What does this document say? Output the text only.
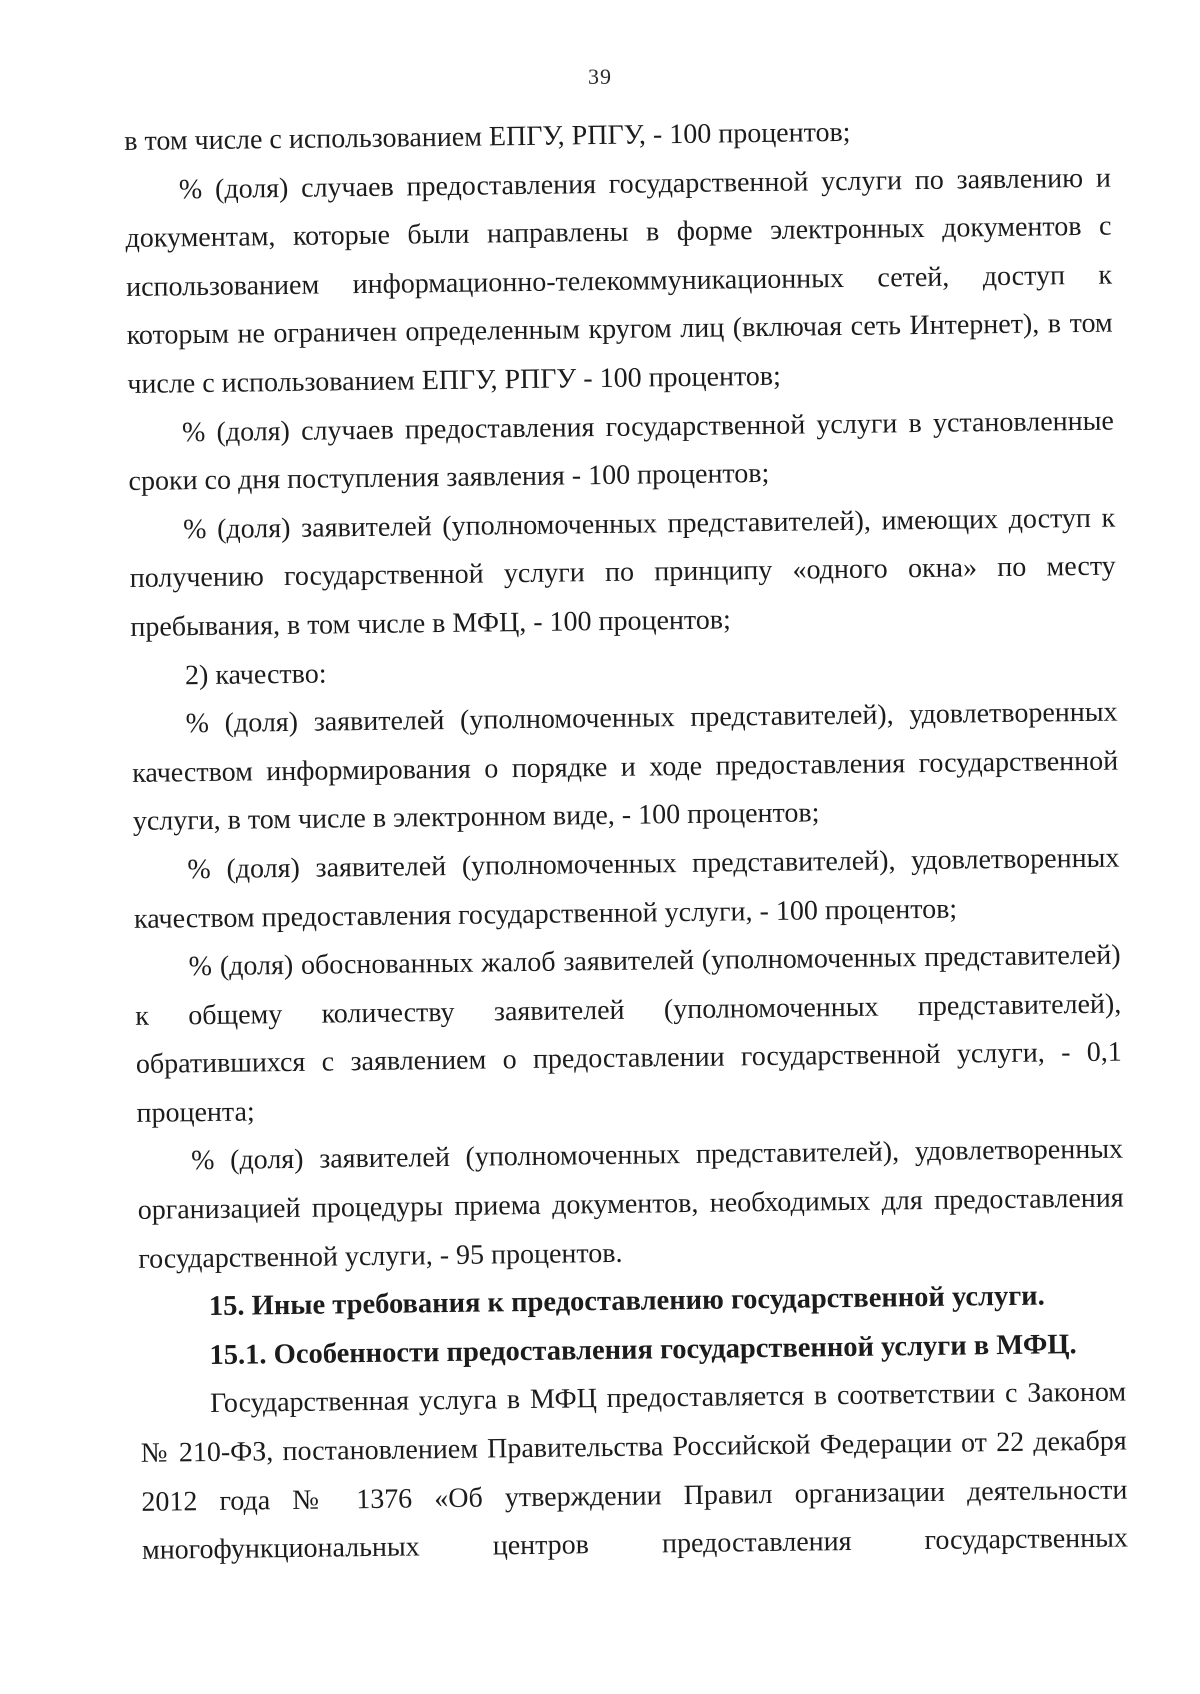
39

в том числе с использованием ЕПГУ, РПГУ, - 100 процентов;

% (доля) случаев предоставления государственной услуги по заявлению и документам, которые были направлены в форме электронных документов с использованием информационно-телекоммуникационных сетей, доступ к которым не ограничен определенным кругом лиц (включая сеть Интернет), в том числе с использованием ЕПГУ, РПГУ - 100 процентов;

% (доля) случаев предоставления государственной услуги в установленные сроки со дня поступления заявления - 100 процентов;

% (доля) заявителей (уполномоченных представителей), имеющих доступ к получению государственной услуги по принципу «одного окна» по месту пребывания, в том числе в МФЦ, - 100 процентов;

2) качество:

% (доля) заявителей (уполномоченных представителей), удовлетворенных качеством информирования о порядке и ходе предоставления государственной услуги, в том числе в электронном виде, - 100 процентов;

% (доля) заявителей (уполномоченных представителей), удовлетворенных качеством предоставления государственной услуги, - 100 процентов;

% (доля) обоснованных жалоб заявителей (уполномоченных представителей) к общему количеству заявителей (уполномоченных представителей), обратившихся с заявлением о предоставлении государственной услуги, - 0,1 процента;

% (доля) заявителей (уполномоченных представителей), удовлетворенных организацией процедуры приема документов, необходимых для предоставления государственной услуги, - 95 процентов.

15. Иные требования к предоставлению государственной услуги.

15.1. Особенности предоставления государственной услуги в МФЦ.

Государственная услуга в МФЦ предоставляется в соответствии с Законом № 210-ФЗ, постановлением Правительства Российской Федерации от 22 декабря 2012 года № 1376 «Об утверждении Правил организации деятельности многофункциональных центров предоставления государственных
